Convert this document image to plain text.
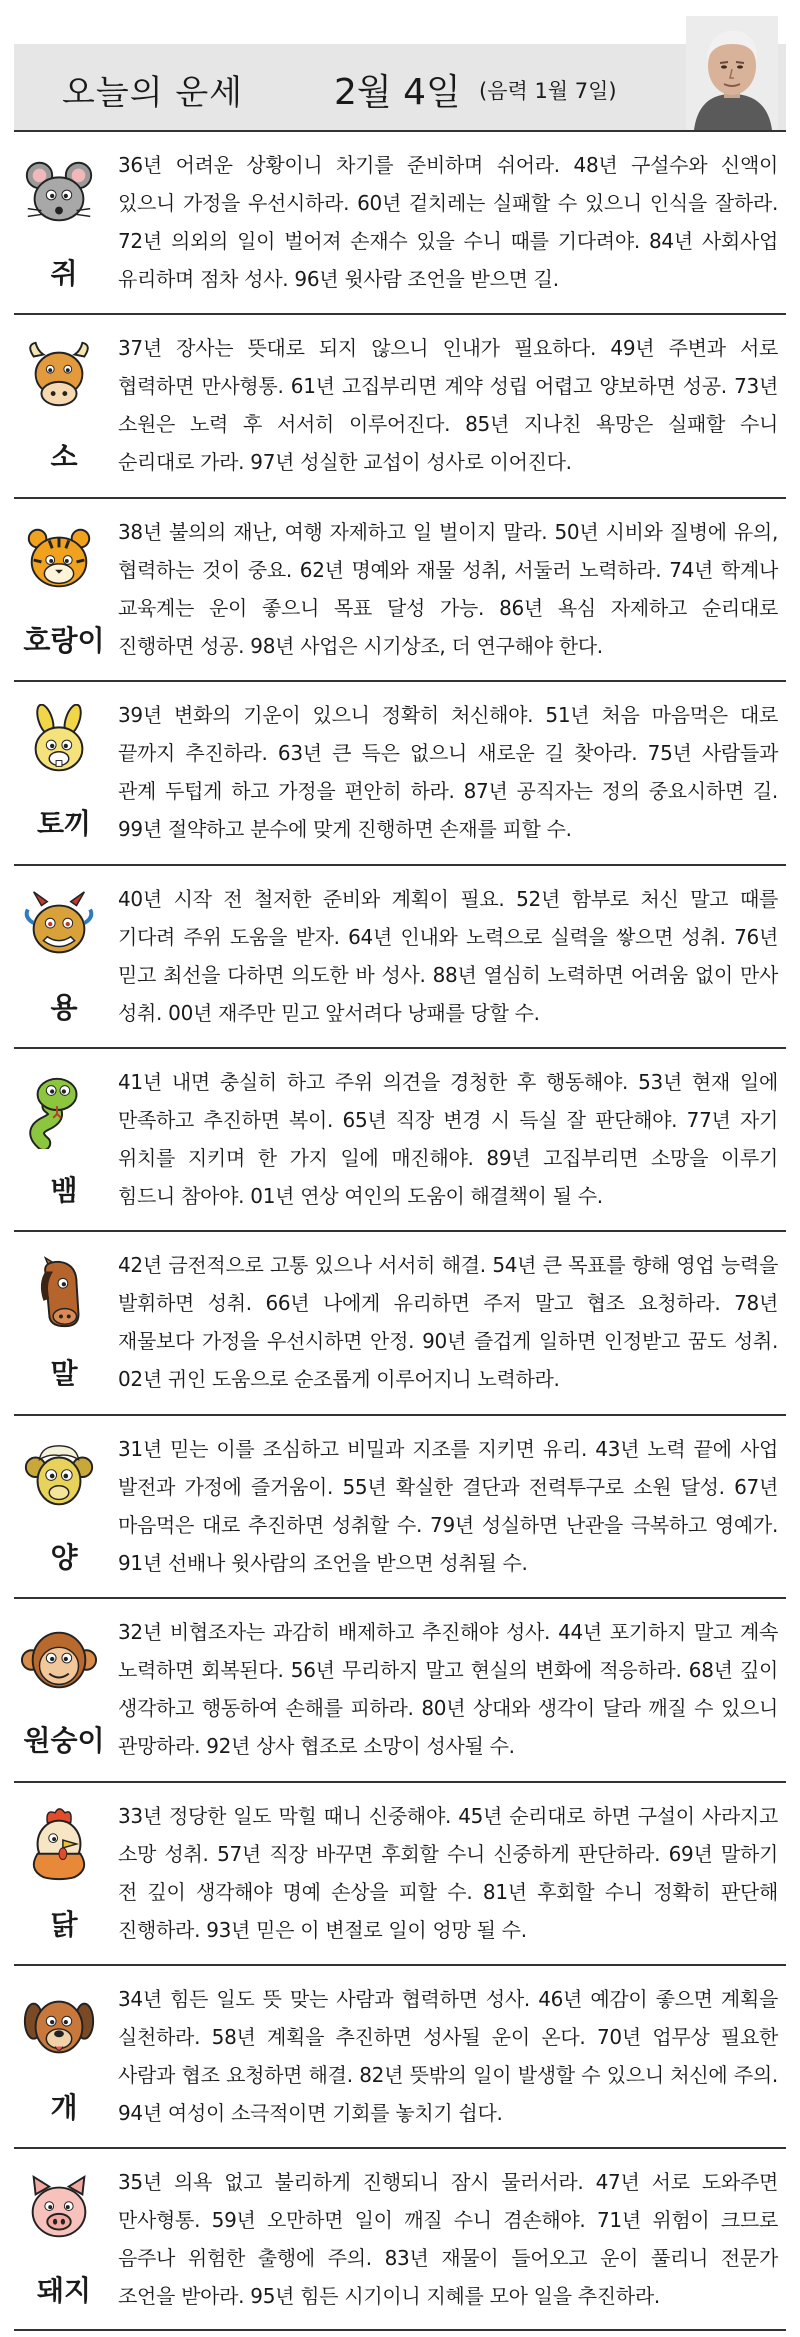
오늘의 운세	2월 4일 (음력 1월 7일)
쥐
36년 어려운 상황이니 차기를 준비하며 쉬어라. 48년 구설수와 신액이 있으니 가정을 우선시하라. 60년 겉치레는 실패할 수 있으니 인식을 잘하라. 72년 의외의 일이 벌어져 손재수 있을 수니 때를 기다려야. 84년 사회사업 유리하며 점차 성사. 96년 윗사람 조언을 받으면 길.
소
37년 장사는 뜻대로 되지 않으니 인내가 필요하다. 49년 주변과 서로 협력하면 만사형통. 61년 고집부리면 계약 성립 어렵고 양보하면 성공. 73년 소원은 노력 후 서서히 이루어진다. 85년 지나친 욕망은 실패할 수니 순리대로 가라. 97년 성실한 교섭이 성사로 이어진다.
호랑이
38년 불의의 재난, 여행 자제하고 일 벌이지 말라. 50년 시비와 질병에 유의, 협력하는 것이 중요. 62년 명예와 재물 성취, 서둘러 노력하라. 74년 학계나 교육계는 운이 좋으니 목표 달성 가능. 86년 욕심 자제하고 순리대로 진행하면 성공. 98년 사업은 시기상조, 더 연구해야 한다.
토끼
39년 변화의 기운이 있으니 정확히 처신해야. 51년 처음 마음먹은 대로 끝까지 추진하라. 63년 큰 득은 없으니 새로운 길 찾아라. 75년 사람들과 관계 두텁게 하고 가정을 편안히 하라. 87년 공직자는 정의 중요시하면 길. 99년 절약하고 분수에 맞게 진행하면 손재를 피할 수.
용
40년 시작 전 철저한 준비와 계획이 필요. 52년 함부로 처신 말고 때를 기다려 주위 도움을 받자. 64년 인내와 노력으로 실력을 쌓으면 성취. 76년 믿고 최선을 다하면 의도한 바 성사. 88년 열심히 노력하면 어려움 없이 만사 성취. 00년 재주만 믿고 앞서려다 낭패를 당할 수.
뱀
41년 내면 충실히 하고 주위 의견을 경청한 후 행동해야. 53년 현재 일에 만족하고 추진하면 복이. 65년 직장 변경 시 득실 잘 판단해야. 77년 자기 위치를 지키며 한 가지 일에 매진해야. 89년 고집부리면 소망을 이루기 힘드니 참아야. 01년 연상 여인의 도움이 해결책이 될 수.
말
42년 금전적으로 고통 있으나 서서히 해결. 54년 큰 목표를 향해 영업 능력을 발휘하면 성취. 66년 나에게 유리하면 주저 말고 협조 요청하라. 78년 재물보다 가정을 우선시하면 안정. 90년 즐겁게 일하면 인정받고 꿈도 성취. 02년 귀인 도움으로 순조롭게 이루어지니 노력하라.
양
31년 믿는 이를 조심하고 비밀과 지조를 지키면 유리. 43년 노력 끝에 사업 발전과 가정에 즐거움이. 55년 확실한 결단과 전력투구로 소원 달성. 67년 마음먹은 대로 추진하면 성취할 수. 79년 성실하면 난관을 극복하고 영예가. 91년 선배나 윗사람의 조언을 받으면 성취될 수.
원숭이
32년 비협조자는 과감히 배제하고 추진해야 성사. 44년 포기하지 말고 계속 노력하면 회복된다. 56년 무리하지 말고 현실의 변화에 적응하라. 68년 깊이 생각하고 행동하여 손해를 피하라. 80년 상대와 생각이 달라 깨질 수 있으니 관망하라. 92년 상사 협조로 소망이 성사될 수.
닭
33년 정당한 일도 막힐 때니 신중해야. 45년 순리대로 하면 구설이 사라지고 소망 성취. 57년 직장 바꾸면 후회할 수니 신중하게 판단하라. 69년 말하기 전 깊이 생각해야 명예 손상을 피할 수. 81년 후회할 수니 정확히 판단해 진행하라. 93년 믿은 이 변절로 일이 엉망 될 수.
개
34년 힘든 일도 뜻 맞는 사람과 협력하면 성사. 46년 예감이 좋으면 계획을 실천하라. 58년 계획을 추진하면 성사될 운이 온다. 70년 업무상 필요한 사람과 협조 요청하면 해결. 82년 뜻밖의 일이 발생할 수 있으니 처신에 주의. 94년 여성이 소극적이면 기회를 놓치기 쉽다.
돼지
35년 의욕 없고 불리하게 진행되니 잠시 물러서라. 47년 서로 도와주면 만사형통. 59년 오만하면 일이 깨질 수니 겸손해야. 71년 위험이 크므로 음주나 위험한 출행에 주의. 83년 재물이 들어오고 운이 풀리니 전문가 조언을 받아라. 95년 힘든 시기이니 지혜를 모아 일을 추진하라.
